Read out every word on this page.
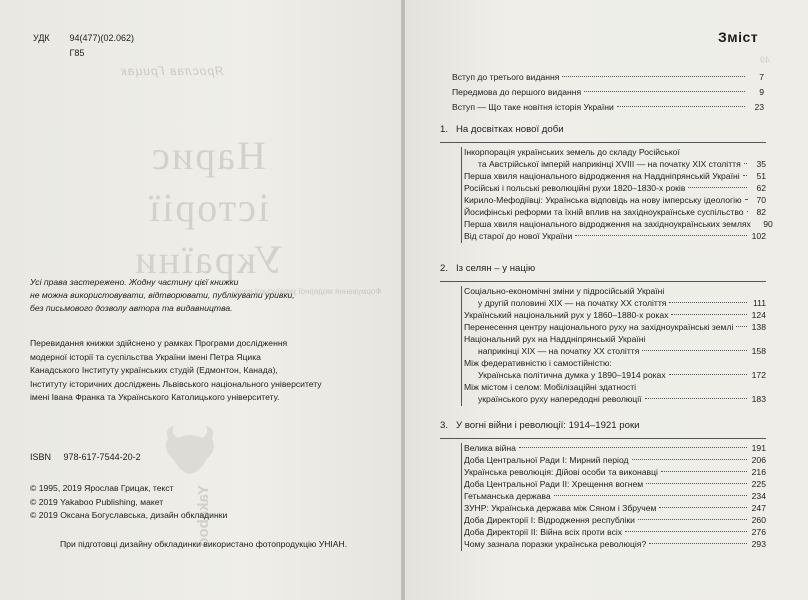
УДК 94(477)(02.062)
Г85
Ярослав Грицак
Нарис історії
України
Формування модерної української нації
Усі права застережено. Жодну частину цієї книжки
не можна використовувати, відтворювати, публікувати уривки,
без письмового дозволу автора та видавництва.
Перевидання книжки здійснено у рамках Програми дослідження
модерної історії та суспільства України імені Петра Яцика
Канадського Інституту українських студій (Едмонтон, Канада),
Інституту історичних досліджень Львівського національного університету
імені Івана Франка та Українського Католицького університету.
Yakaboo
ISBN 978-617-7544-20-2
© 1995, 2019 Ярослав Грицак, текст
© 2019 Yakaboo Publishing, макет
© 2019 Оксана Богуславська, дизайн обкладинки
При підготовці дизайну обкладинки використано фотопродукцію УНІАН.
Зміст
49
Вступ до третього видання	7
Передмова до першого видання	9
Вступ — Що таке новітня історія України	23
1. На досвітках нової доби
Інкорпорація українських земель до складу Російської
та Австрійської імперій наприкінці XVIII — на початку XIX століття	35
Перша хвиля національного відродження на Наддніпрянській Україні	51
Російські і польські революційні рухи 1820–1830-х років	62
Кирило-Мефодіївці: Українська відповідь на нову імперську ідеологію	70
Йосифінські реформи та їхній вплив на західноукраїнське суспільство	82
Перша хвиля національного відродження на західноукраїнських землях	90
Від старої до нової України	102
2. Із селян – у націю
Соціально-економічні зміни у підросійській Україні
у другій половині XIX — на початку XX століття	111
Український національний рух у 1860–1880-х роках	124
Перенесення центру національного руху на західноукраїнські землі 138
Національний рух на Наддніпрянській Україні
наприкінці XIX — на початку XX століття	158
Між федеративністю і самостійністю:
Українська політична думка у 1890–1914 роках	172
Між містом і селом: Мобілізаційні здатності
українського руху напередодні революції	183
3. У вогні війни і революції: 1914–1921 роки
Велика війна	191
Доба Центральної Ради I: Мирний період	206
Українська революція: Дійові особи та виконавці	216
Доба Центральної Ради II: Хрещення вогнем	225
Гетьманська держава	234
ЗУНР: Українська держава між Сяном і Збручем	247
Доба Директорії I: Відродження республіки	260
Доба Директорії II: Війна всіх проти всіх	276
Чому зазнала поразки українська революція?	293
